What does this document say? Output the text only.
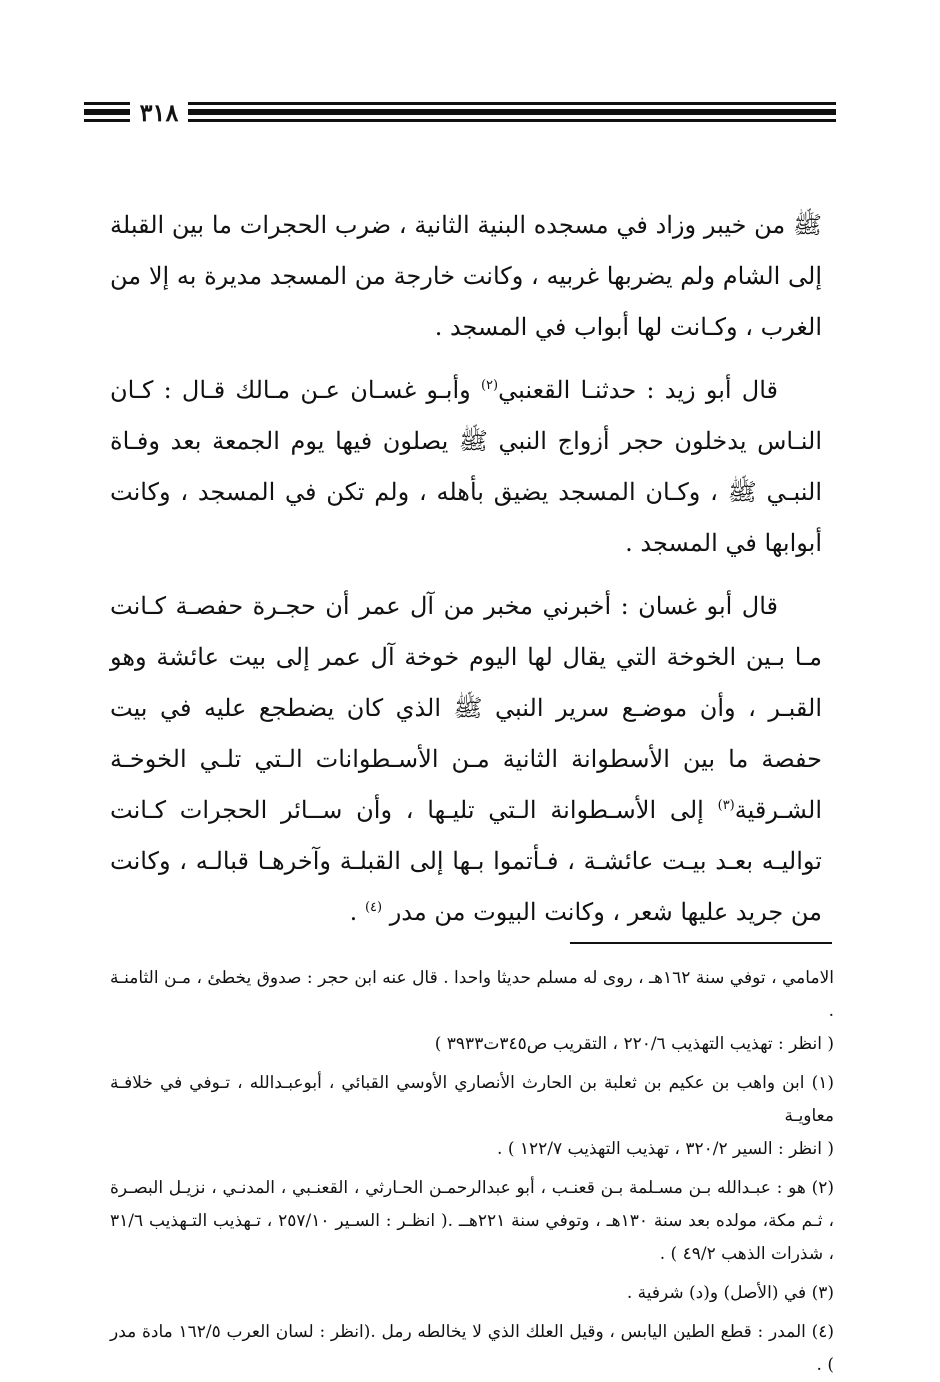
٣١٨

ﷺ من خيبر وزاد في مسجده البنية الثانية ، ضرب الحجرات ما بين القبلة إلى الشام ولم يضربها غربيه ، وكانت خارجة من المسجد مديرة به إلا من الغرب ، وكـانت لها أبواب في المسجد .

قال أبو زيد : حدثنـا القعنبي$^{(٢)}$ وأبـو غسـان عـن مـالك قـال : كـان النـاس يدخلون حجر أزواج النبي ﷺ يصلون فيها يوم الجمعة بعد وفـاة النبـي ﷺ ، وكـان المسجد يضيق بأهله ، ولم تكن في المسجد ، وكانت أبوابها في المسجد .

قال أبو غسان : أخبرني مخبر من آل عمر أن حجـرة حفصـة كـانت مـا بـين الخوخة التي يقال لها اليوم خوخة آل عمر إلى بيت عائشة وهو القبـر ، وأن موضـع سرير النبي ﷺ الذي كان يضطجع عليه في بيت حفصة ما بين الأسطوانة الثانية مـن الأسـطوانات الـتي تلـي الخوخـة الشـرقية$^{(٣)}$ إلى الأسـطوانة الـتي تليـها ، وأن ســائر الحجرات كـانت تواليـه بعـد بيـت عائشـة ، فـأتموا بـها إلى القبلـة وآخرهـا قبالـه ، وكانت من جريد عليها شعر ، وكانت البيوت من مدر $^{(٤)}$ .

الامامي ، توفي سنة ١٦٢هـ ، روى له مسلم حديثا واحدا . قال عنه ابن حجر : صدوق يخطئ ، مـن الثامنـة .

( انظر : تهذيب التهذيب ٢٢٠/٦ ، التقريب ص٣٤٥ت٣٩٣٣ )

(١) ابن واهب بن عكيم بن ثعلبة بن الحارث الأنصاري الأوسي القبائي ، أبوعبـدالله ، تـوفي في خلافـة معاويـة

( انظر : السير ٣٢٠/٢ ، تهذيب التهذيب ١٢٢/٧ ) .

(٢) هو : عبـدالله بـن مسـلمة بـن قعنـب ، أبو عبدالرحمـن الحـارثي ، القعنـبي ، المدنـي ، نزيـل البصـرة ، ثـم مكة، مولده بعد سنة ١٣٠هـ ، وتوفي سنة ٢٢١هــ .( انظـر : السـير ٢٥٧/١٠ ، تـهذيب التـهذيب ٣١/٦ ، شذرات الذهب ٤٩/٢ ) .

(٣) في (الأصل) و(د) شرفية .

(٤) المدر : قطع الطين اليابس ، وقيل العلك الذي لا يخالطه رمل .(انظر : لسان العرب ١٦٢/٥ مادة مدر ) .
